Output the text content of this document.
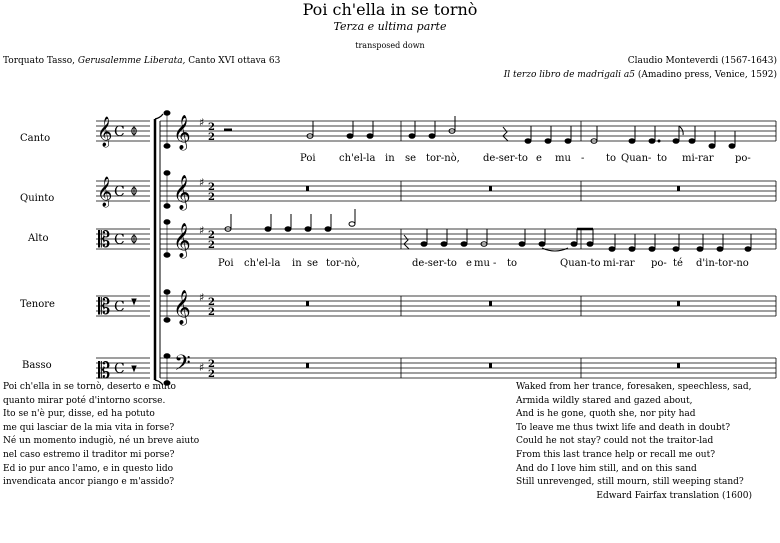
Poi ch'ella in se tornò
Terza e ultima parte
transposed down
Torquato Tasso, Gerusalemme Liberata, Canto XVI ottava 63	Claudio Monteverdi (1567-1643)
Il terzo libro de madrigali a5 (Amadino press, Venice, 1592)
𝄞
𝄞
𝄡
𝄡
𝄡
C
C
C
C
C
𝄞
𝄞
𝄞
𝄞
𝄢
♯
♯
♯
♯
♯
2
2
2
2
2
2
2
2
2
2
Canto
Quinto
Alto
Tenore
Basso
Poi ch'el-la in se tor-nò, de-ser-to e mu - to Quan - to mi-rar po-
Poi ch'el-la in se tor-nò,	de-ser-to e mu - to	Quan-to mi-rar po- té d'in-tor-no
Poi ch'ella in se tornò, deserto e muto
quanto mirar poté d'intorno scorse.
Ito se n'è pur, disse, ed ha potuto
me qui lasciar de la mia vita in forse?
Né un momento indugiò, né un breve aiuto
nel caso estremo il traditor mi porse?
Ed io pur anco l'amo, e in questo lido
invendicata ancor piango e m'assido?
Waked from her trance, foresaken, speechless, sad,
Armida wildly stared and gazed about,
And is he gone, quoth she, nor pity had
To leave me thus twixt life and death in doubt?
Could he not stay? could not the traitor-lad
From this last trance help or recall me out?
And do I love him still, and on this sand
Still unrevenged, still mourn, still weeping stand?
Edward Fairfax translation (1600)
